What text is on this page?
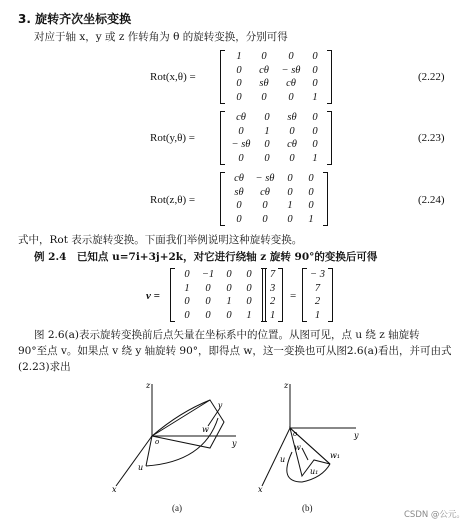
3. 旋转齐次坐标变换
对应于轴 x，y 或 z 作转角为 θ 的旋转变换，分别可得
Rot(x,θ) =
1	0	0	0
0	cθ	− sθ	0
0	sθ	cθ	0
0	0	0	1
(2.22)
Rot(y,θ) =
cθ	0	sθ	0
0	1	0	0
− sθ	0	cθ	0
0	0	0	1
(2.23)
Rot(z,θ) =
cθ	− sθ	0	0
sθ	cθ	0	0
0	0	1	0
0	0	0	1
(2.24)
式中，Rot 表示旋转变换。下面我们举例说明这种旋转变换。
例 2.4　已知点 u=7i+3j+2k，对它进行绕轴 z 旋转 90°的变换后可得
v =
0	−1	0	0
1	0	0	0
0	0	1	0
0	0	0	1
7
3
2
1
=
− 3
7
2
1
图 2.6(a)表示旋转变换前后点矢量在坐标系中的位置。从图可见，点 u 绕 z 轴旋转
90°至点 v。如果点 v 绕 y 轴旋转 90°，即得点 w，这一变换也可从图2.6(a)看出，并可由式
(2.23)求出
z
y
x
o
v
w
u
(a)
z
y
x
o
w
u	w₁
u₁
(b)
CSDN @公元。
